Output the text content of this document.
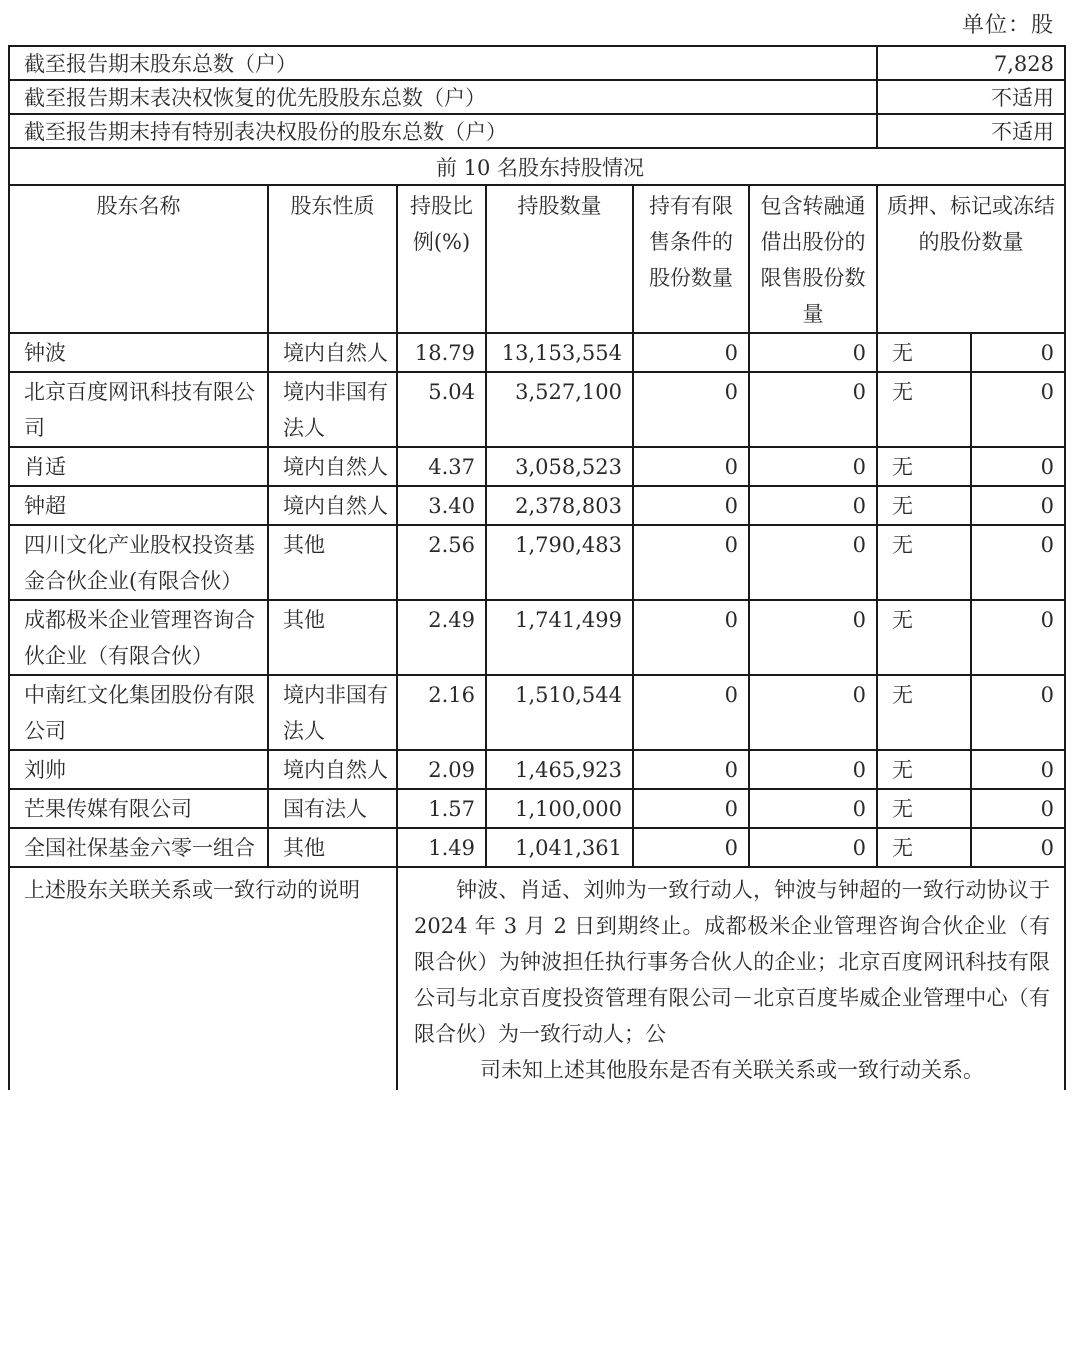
单位：股
截至报告期末股东总数（户）						7,828	
截至报告期末表决权恢复的优先股股东总数（户）						不适用	
截至报告期末持有特别表决权股份的股东总数（户）						不适用	
前 10 名股东持股情况							
股东名称	股东性质	持股比例(%)	持股数量	持有有限售条件的股份数量	包含转融通借出股份的限售股份数量	质押、标记或冻结的股份数量	
钟波	境内自然人	18.79	13,153,554	0	0	无	0
北京百度网讯科技有限公司	境内非国有法人	5.04	3,527,100	0	0	无	0
肖适	境内自然人	4.37	3,058,523	0	0	无	0
钟超	境内自然人	3.40	2,378,803	0	0	无	0
四川文化产业股权投资基金合伙企业(有限合伙）	其他	2.56	1,790,483	0	0	无	0
成都极米企业管理咨询合伙企业（有限合伙）	其他	2.49	1,741,499	0	0	无	0
中南红文化集团股份有限公司	境内非国有法人	2.16	1,510,544	0	0	无	0
刘帅	境内自然人	2.09	1,465,923	0	0	无	0
芒果传媒有限公司	国有法人	1.57	1,100,000	0	0	无	0
全国社保基金六零一组合	其他	1.49	1,041,361	0	0	无	0
上述股东关联关系或一致行动的说明		钟波、肖适、刘帅为一致行动人，钟波与钟超的一致行动协议于 2024 年 3 月 2 日到期终止。成都极米企业管理咨询合伙企业（有限合伙）为钟波担任执行事务合伙人的企业；北京百度网讯科技有限公司与北京百度投资管理有限公司－北京百度毕威企业管理中心（有限合伙）为一致行动人；公
司未知上述其他股东是否有关联关系或一致行动关系。					
